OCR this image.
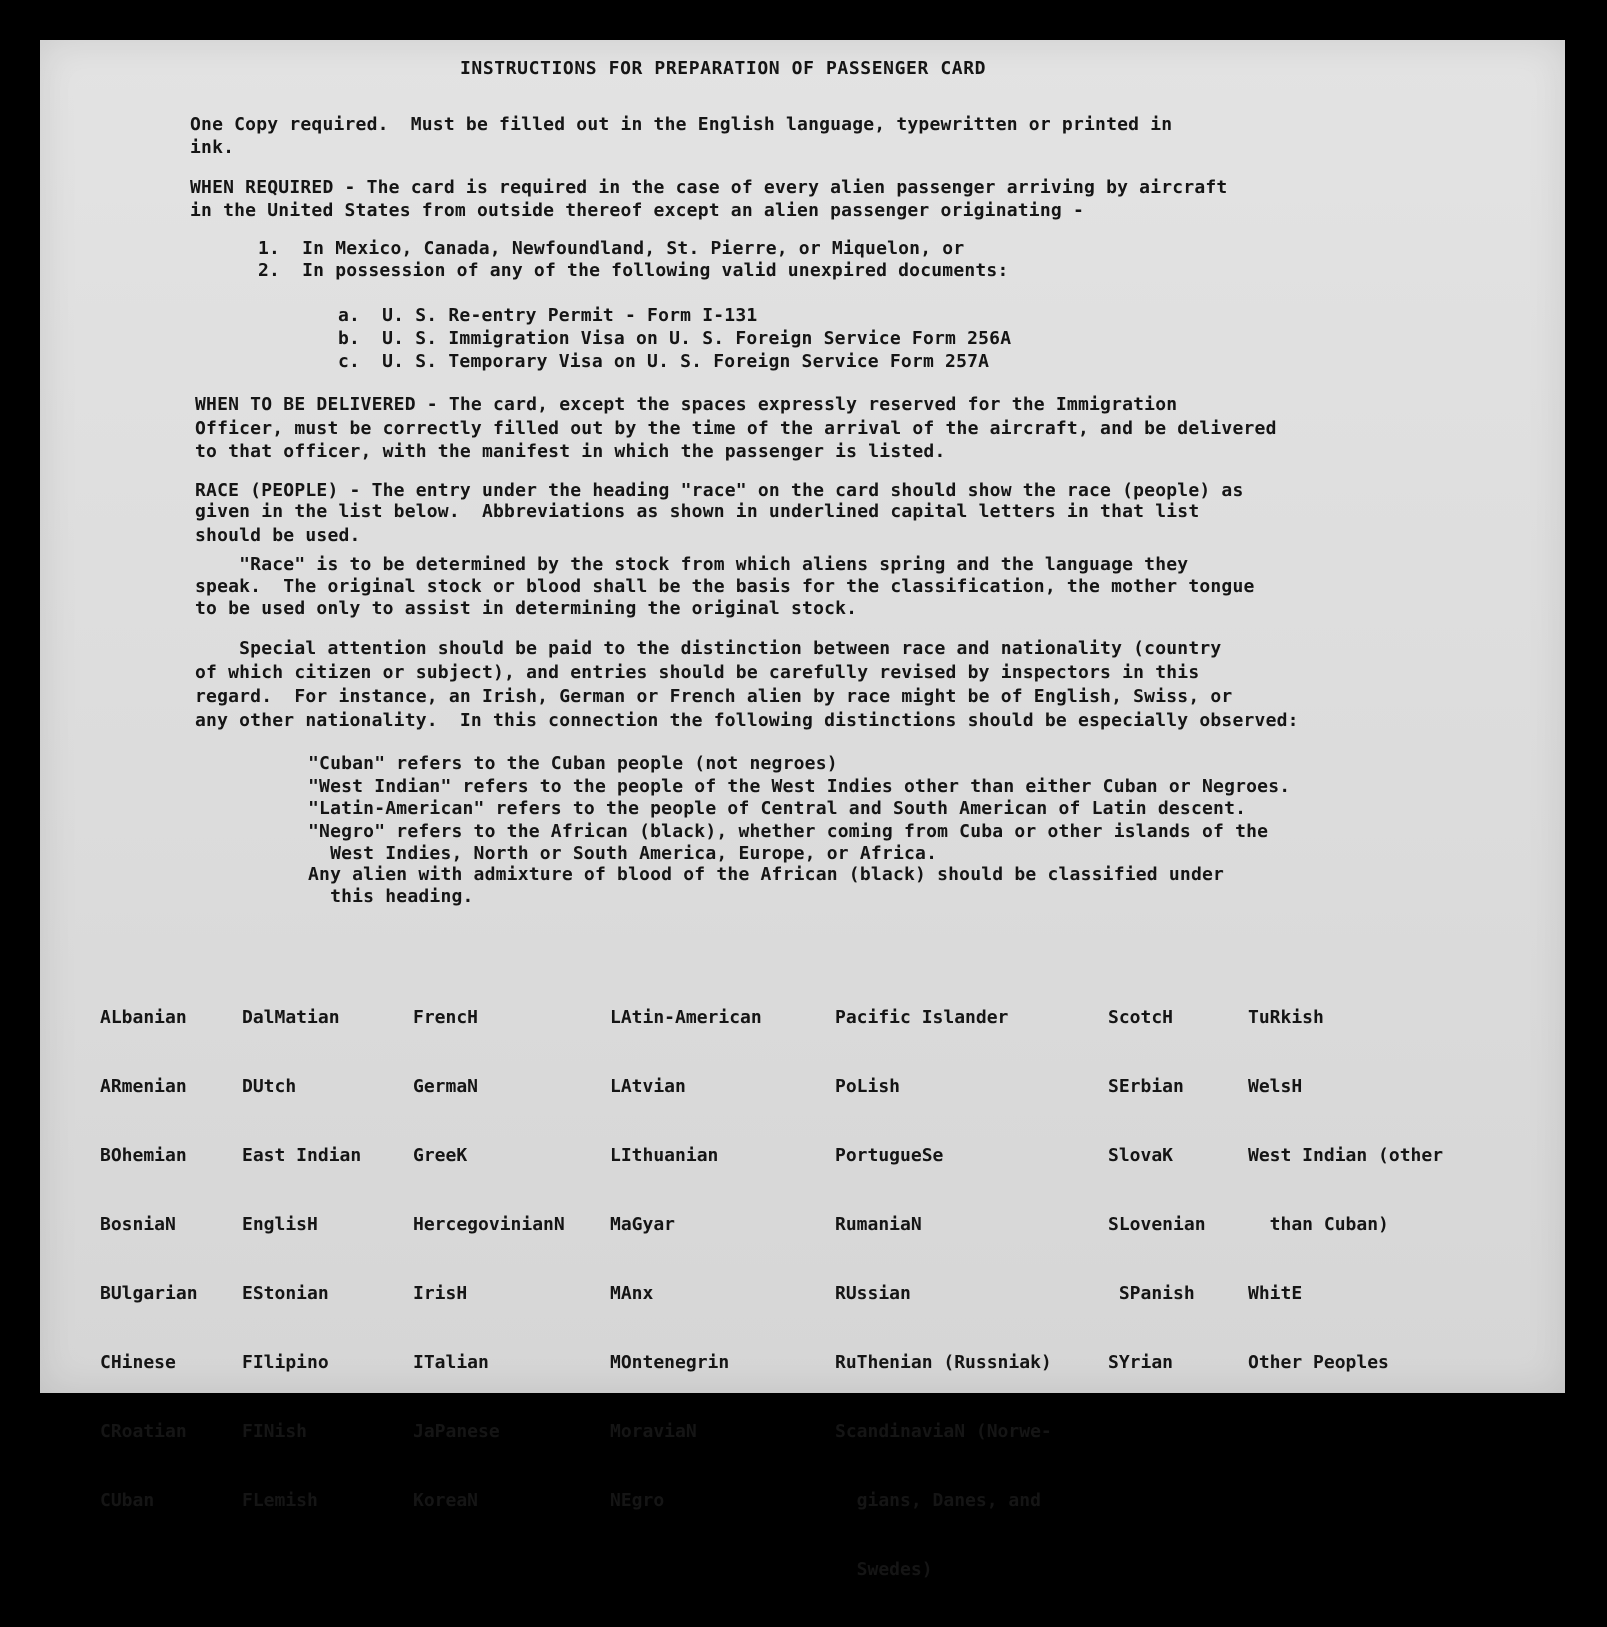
INSTRUCTIONS FOR PREPARATION OF PASSENGER CARD
One Copy required.  Must be filled out in the English language, typewritten or printed in
ink.
WHEN REQUIRED - The card is required in the case of every alien passenger arriving by aircraft
in the United States from outside thereof except an alien passenger originating -
1.  In Mexico, Canada, Newfoundland, St. Pierre, or Miquelon, or
2.  In possession of any of the following valid unexpired documents:
a.  U. S. Re-entry Permit - Form I-131
b.  U. S. Immigration Visa on U. S. Foreign Service Form 256A
c.  U. S. Temporary Visa on U. S. Foreign Service Form 257A
WHEN TO BE DELIVERED - The card, except the spaces expressly reserved for the Immigration
Officer, must be correctly filled out by the time of the arrival of the aircraft, and be delivered
to that officer, with the manifest in which the passenger is listed.
RACE (PEOPLE) - The entry under the heading "race" on the card should show the race (people) as
given in the list below.  Abbreviations as shown in underlined capital letters in that list
should be used.
"Race" is to be determined by the stock from which aliens spring and the language they
speak.  The original stock or blood shall be the basis for the classification, the mother tongue
to be used only to assist in determining the original stock.
Special attention should be paid to the distinction between race and nationality (country
of which citizen or subject), and entries should be carefully revised by inspectors in this
regard.  For instance, an Irish, German or French alien by race might be of English, Swiss, or
any other nationality.  In this connection the following distinctions should be especially observed:
"Cuban" refers to the Cuban people (not negroes)
"West Indian" refers to the people of the West Indies other than either Cuban or Negroes.
"Latin-American" refers to the people of Central and South American of Latin descent.
"Negro" refers to the African (black), whether coming from Cuba or other islands of the
West Indies, North or South America, Europe, or Africa.
Any alien with admixture of blood of the African (black) should be classified under
this heading.

ALbanian

ARmenian

BOhemian

BosniaN

BUlgarian

CHinese

CRoatian

CUban

DalMatian

DUtch

East Indian

EnglisH

EStonian

FIlipino

FINish

FLemish

FrencH

GermaN

GreeK

HercegovinianN

IrisH

ITalian

JaPanese

KoreaN

LAtin-American

LAtvian

LIthuanian

MaGyar

MAnx

MOntenegrin

MoraviaN

NEgro

Pacific Islander

PoLish

PortugueSe

RumaniaN

RUssian

RuThenian (Russniak)

ScandinaviaN (Norwe-

gians, Danes, and

Swedes)

ScotcH

SErbian

SlovaK

SLovenian

SPanish

SYrian

TuRkish

WelsH

West Indian (other

than Cuban)

WhitE

Other Peoples
